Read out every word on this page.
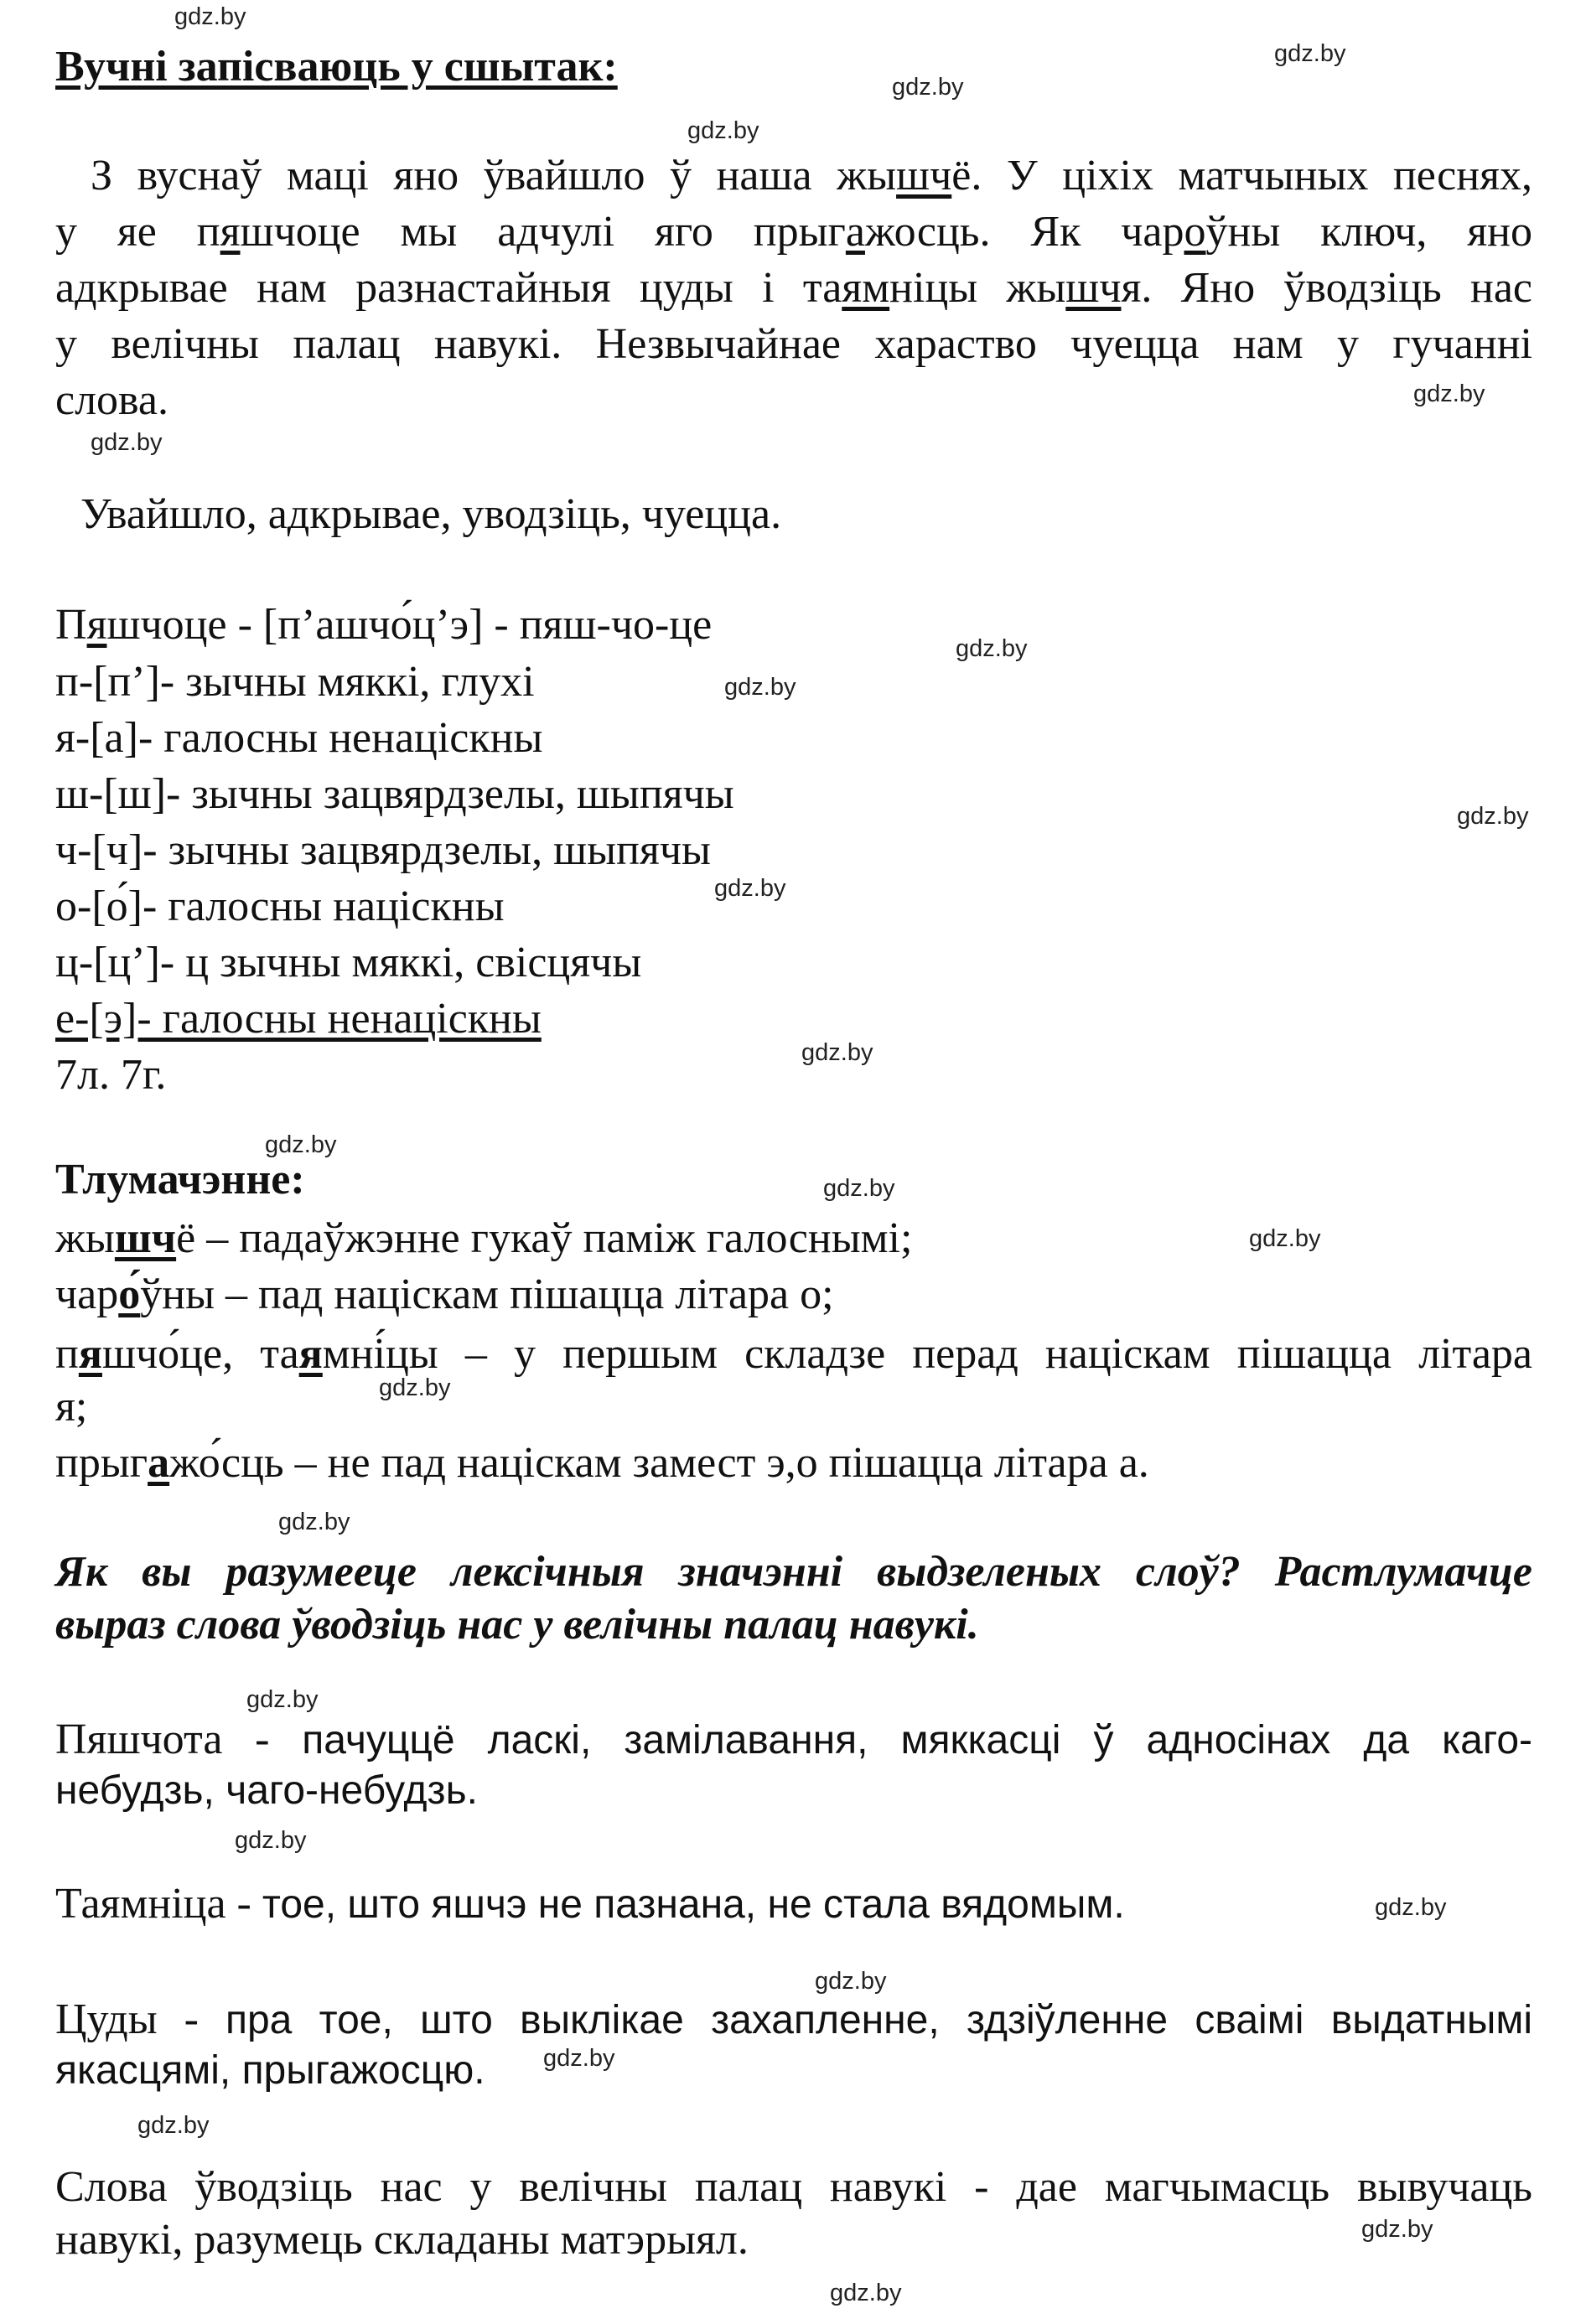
gdz.by
gdz.by
gdz.by
gdz.by
gdz.by
gdz.by
gdz.by
gdz.by
gdz.by
gdz.by
gdz.by
gdz.by
gdz.by
gdz.by
gdz.by
gdz.by
gdz.by
gdz.by
gdz.by
gdz.by
gdz.by
gdz.by
gdz.by
gdz.by
Вучні запісваюць у сшытак:
З вуснаў маці яно ўвайшло ў наша жышчё. У ціхіх матчыных песнях,
у яе пяшчоце мы адчулі яго прыгажосць. Як чароўны ключ, яно
адкрывае нам разнастайныя цуды і таямніцы жышчя. Яно ўводзіць нас
у велічны палац навукі. Незвычайнае хараство чуецца нам у гучанні
слова.
Увайшло, адкрывае, уводзіць, чуецца.
Пяшчоце - [п’ашчо́ц’э] - пяш-чо-це
п-[п’]- зычны мяккі, глухі
я-[а]- галосны ненаціскны
ш-[ш]- зычны зацвярдзелы, шыпячы
ч-[ч]- зычны зацвярдзелы, шыпячы
о-[о́]- галосны націскны
ц-[ц’]- ц зычны мяккі, свісцячы
е-[э]- галосны ненаціскны
7л. 7г.
Тлумачэнне:
жышчё – падаўжэнне гукаў паміж галоснымі;
чаро́ўны – пад націскам пішацца літара о;
пяшчо́це, таямні́цы – у першым складзе перад націскам пішацца літара
я;
прыгажо́сць – не пад націскам замест э,о пішацца літара а.
Як вы разумееце лексічныя значэнні выдзеленых слоў? Растлумачце
выраз слова ўводзіць нас у велічны палац навукі.
Пяшчота - пачуццё ласкі, замілавання, мяккасці ў адносінах да каго-
небудзь, чаго-небудзь.
Таямніца - тое, што яшчэ не пазнана, не стала вядомым.
Цуды - пра тое, што выклікае захапленне, здзіўленне сваімі выдатнымі
якасцямі, прыгажосцю.
Слова ўводзіць нас у велічны палац навукі - дае магчымасць вывучаць
навукі, разумець складаны матэрыял.
